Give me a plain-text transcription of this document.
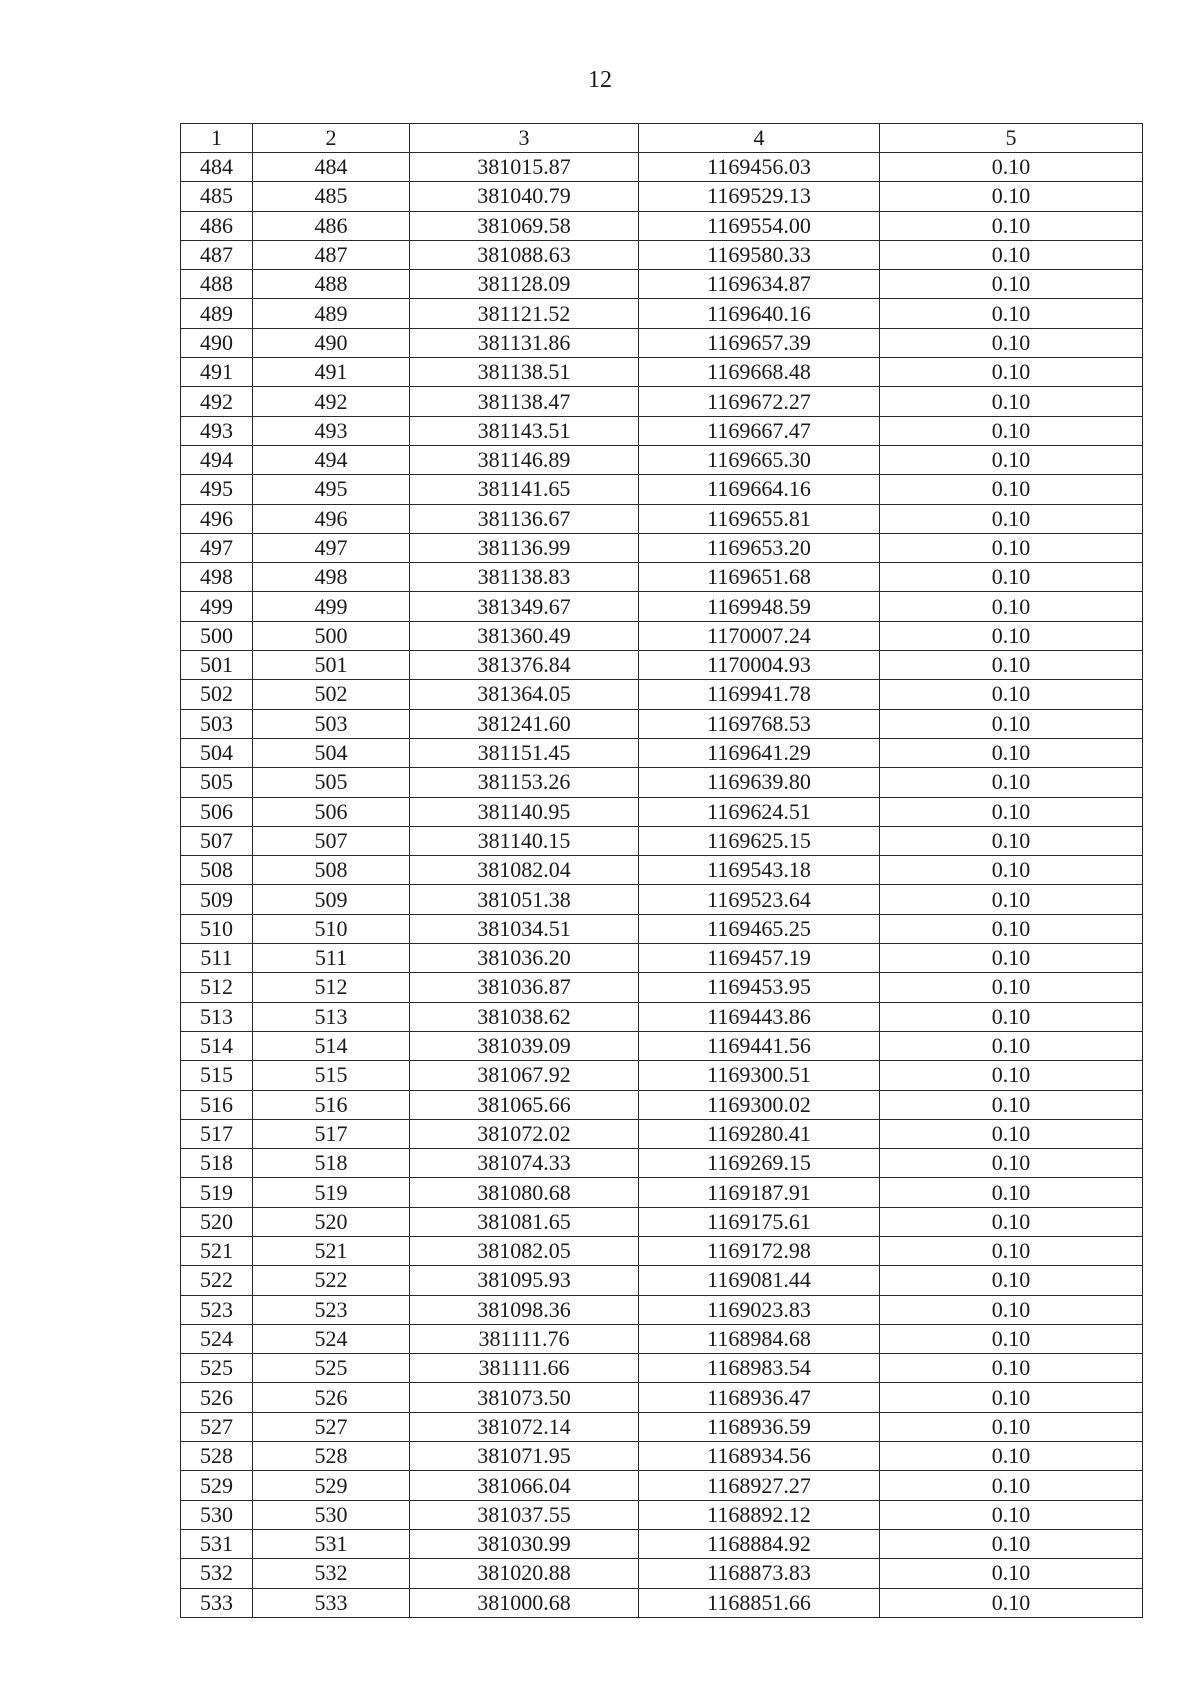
12
1	2	3	4	5
484	484	381015.87	1169456.03	0.10
485	485	381040.79	1169529.13	0.10
486	486	381069.58	1169554.00	0.10
487	487	381088.63	1169580.33	0.10
488	488	381128.09	1169634.87	0.10
489	489	381121.52	1169640.16	0.10
490	490	381131.86	1169657.39	0.10
491	491	381138.51	1169668.48	0.10
492	492	381138.47	1169672.27	0.10
493	493	381143.51	1169667.47	0.10
494	494	381146.89	1169665.30	0.10
495	495	381141.65	1169664.16	0.10
496	496	381136.67	1169655.81	0.10
497	497	381136.99	1169653.20	0.10
498	498	381138.83	1169651.68	0.10
499	499	381349.67	1169948.59	0.10
500	500	381360.49	1170007.24	0.10
501	501	381376.84	1170004.93	0.10
502	502	381364.05	1169941.78	0.10
503	503	381241.60	1169768.53	0.10
504	504	381151.45	1169641.29	0.10
505	505	381153.26	1169639.80	0.10
506	506	381140.95	1169624.51	0.10
507	507	381140.15	1169625.15	0.10
508	508	381082.04	1169543.18	0.10
509	509	381051.38	1169523.64	0.10
510	510	381034.51	1169465.25	0.10
511	511	381036.20	1169457.19	0.10
512	512	381036.87	1169453.95	0.10
513	513	381038.62	1169443.86	0.10
514	514	381039.09	1169441.56	0.10
515	515	381067.92	1169300.51	0.10
516	516	381065.66	1169300.02	0.10
517	517	381072.02	1169280.41	0.10
518	518	381074.33	1169269.15	0.10
519	519	381080.68	1169187.91	0.10
520	520	381081.65	1169175.61	0.10
521	521	381082.05	1169172.98	0.10
522	522	381095.93	1169081.44	0.10
523	523	381098.36	1169023.83	0.10
524	524	381111.76	1168984.68	0.10
525	525	381111.66	1168983.54	0.10
526	526	381073.50	1168936.47	0.10
527	527	381072.14	1168936.59	0.10
528	528	381071.95	1168934.56	0.10
529	529	381066.04	1168927.27	0.10
530	530	381037.55	1168892.12	0.10
531	531	381030.99	1168884.92	0.10
532	532	381020.88	1168873.83	0.10
533	533	381000.68	1168851.66	0.10
